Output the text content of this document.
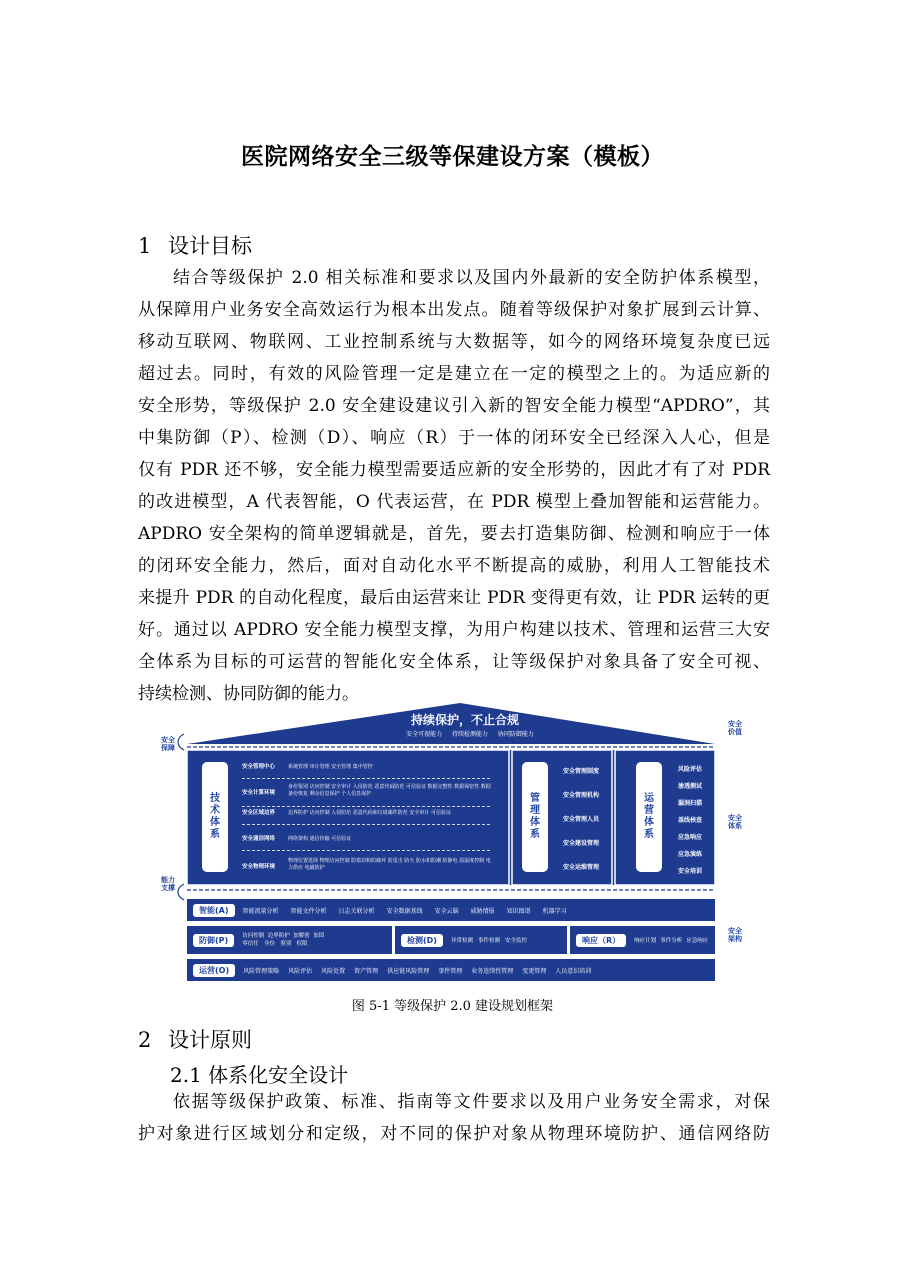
医院网络安全三级等保建设方案（模板）
1 设计目标
结合等级保护 2.0 相关标准和要求以及国内外最新的安全防护体系模型，
从保障用户业务安全高效运行为根本出发点。随着等级保护对象扩展到云计算、
移动互联网、物联网、工业控制系统与大数据等，如今的网络环境复杂度已远
超过去。同时，有效的风险管理一定是建立在一定的模型之上的。为适应新的
安全形势，等级保护 2.0 安全建设建议引入新的智安全能力模型“APDRO”，其
中集防御（P）、检测（D）、响应（R）于一体的闭环安全已经深入人心，但是
仅有 PDR 还不够，安全能力模型需要适应新的安全形势的，因此才有了对 PDR
的改进模型，A 代表智能，O 代表运营，在 PDR 模型上叠加智能和运营能力。
APDRO 安全架构的简单逻辑就是，首先，要去打造集防御、检测和响应于一体
的闭环安全能力，然后，面对自动化水平不断提高的威胁，利用人工智能技术
来提升 PDR 的自动化程度，最后由运营来让 PDR 变得更有效，让 PDR 运转的更
好。通过以 APDRO 安全能力模型支撑，为用户构建以技术、管理和运营三大安
全体系为目标的可运营的智能化安全体系，让等级保护对象具备了安全可视、
持续检测、协同防御的能力。
持续保护，不止合规
安全可视能力 持续检测能力 协同防御能力
安全
保障
能力
支撑
安全
价值
安全
体系
安全
架构
技
术
体
系
安全管理中心	系统管理 审计管理 安全管理 集中管控
安全计算环境
身份鉴别 访问控制 安全审计 入侵防范 恶意代码防范 可信验证 数据完整性 数据保密性 数据备份恢复 剩余信息保护 个人信息保护
安全区域边界	边界防护 访问控制 入侵防范 恶意代码和垃圾邮件防范 安全审计 可信验证
安全通信网络	网络架构 通信传输 可信验证
安全物理环境
物理位置选择 物理访问控制 防盗窃和防破坏 防雷击 防火 防水和防潮 防静电 温湿度控制 电力供应 电磁防护
管
理
体
系
安全管理制度
安全管理机构
安全管理人员
安全建设管理
安全运维管理
运
营
体
系
风险评估
渗透测试
漏洞扫描
基线核查
应急响应
应急演练
安全培训
智能(A)	智能流量分析 智能文件分析 日志关联分析 安全数据基线 安全云脑 威胁情报 知识图谱 机器学习
防御(P)	访问控制 边界防护 加解密 加固
零信任 身份 鉴别 权限	检测(D)	异常检测 事件检测 安全监控	响应（R）	响应计划 事件分析 应急响应
运营(O)	风险管理策略 风险评估 风险处置 资产管理 供应链风险管理 事件管理 业务连续性管理 变更管理 人员意识培训
图 5-1 等级保护 2.0 建设规划框架
2 设计原则
2.1 体系化安全设计
依据等级保护政策、标准、指南等文件要求以及用户业务安全需求，对保
护对象进行区域划分和定级，对不同的保护对象从物理环境防护、通信网络防
